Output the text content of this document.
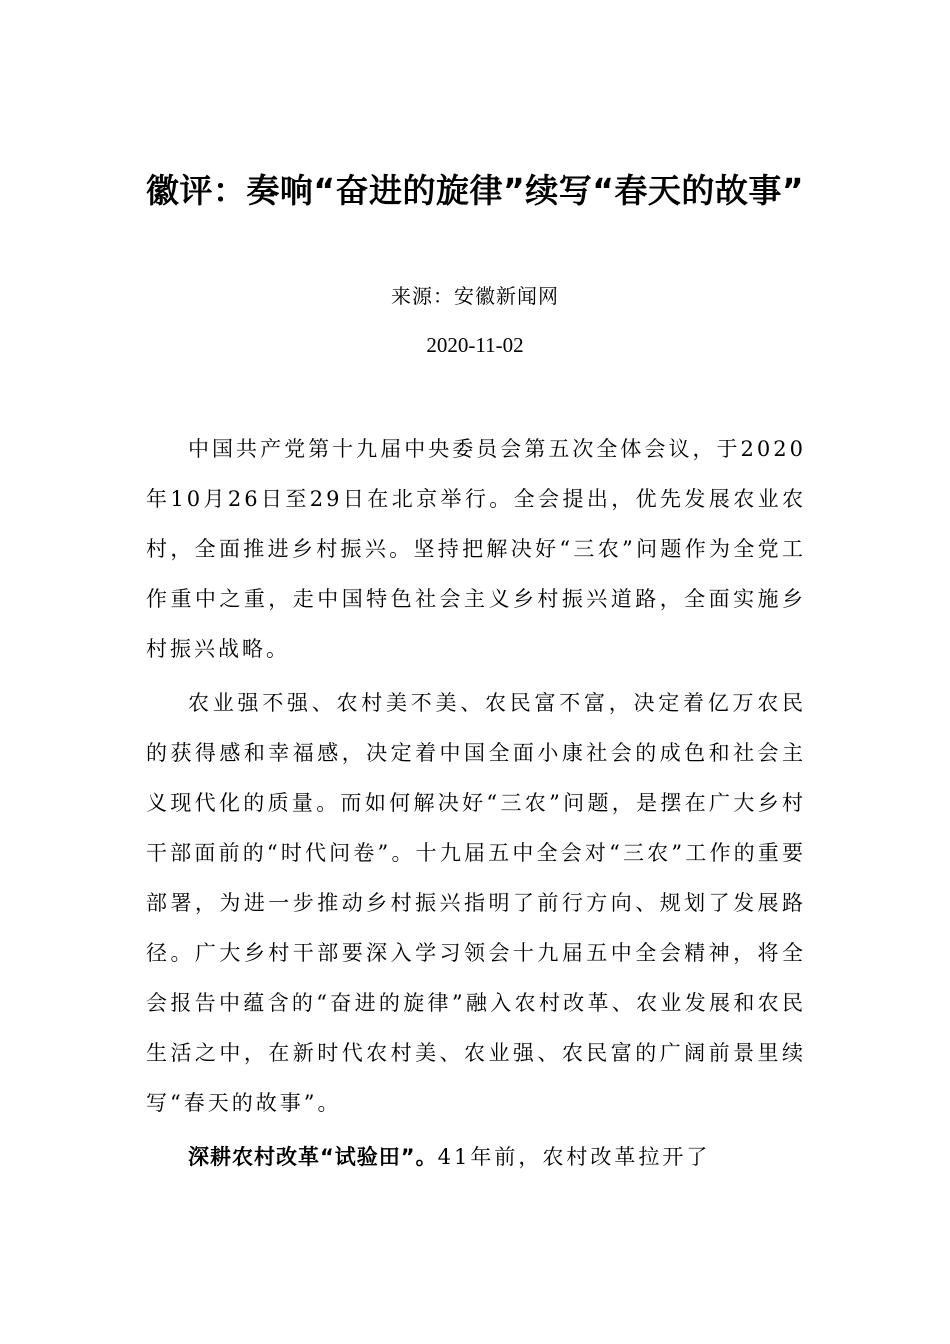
徽评：奏响“奋进的旋律”续写“春天的故事”
来源：安徽新闻网
2020-11-02

中国共产党第十九届中央委员会第五次全体会议，于2020年10月26日至29日在北京举行。全会提出，优先发展农业农村，全面推进乡村振兴。坚持把解决好“三农”问题作为全党工作重中之重，走中国特色社会主义乡村振兴道路，全面实施乡村振兴战略。

农业强不强、农村美不美、农民富不富，决定着亿万农民的获得感和幸福感，决定着中国全面小康社会的成色和社会主义现代化的质量。而如何解决好“三农”问题，是摆在广大乡村干部面前的“时代问卷”。十九届五中全会对“三农”工作的重要部署，为进一步推动乡村振兴指明了前行方向、规划了发展路径。广大乡村干部要深入学习领会十九届五中全会精神，将全会报告中蕴含的“奋进的旋律”融入农村改革、农业发展和农民生活之中，在新时代农村美、农业强、农民富的广阔前景里续写“春天的故事”。

深耕农村改革“试验田”。41年前，农村改革拉开了
